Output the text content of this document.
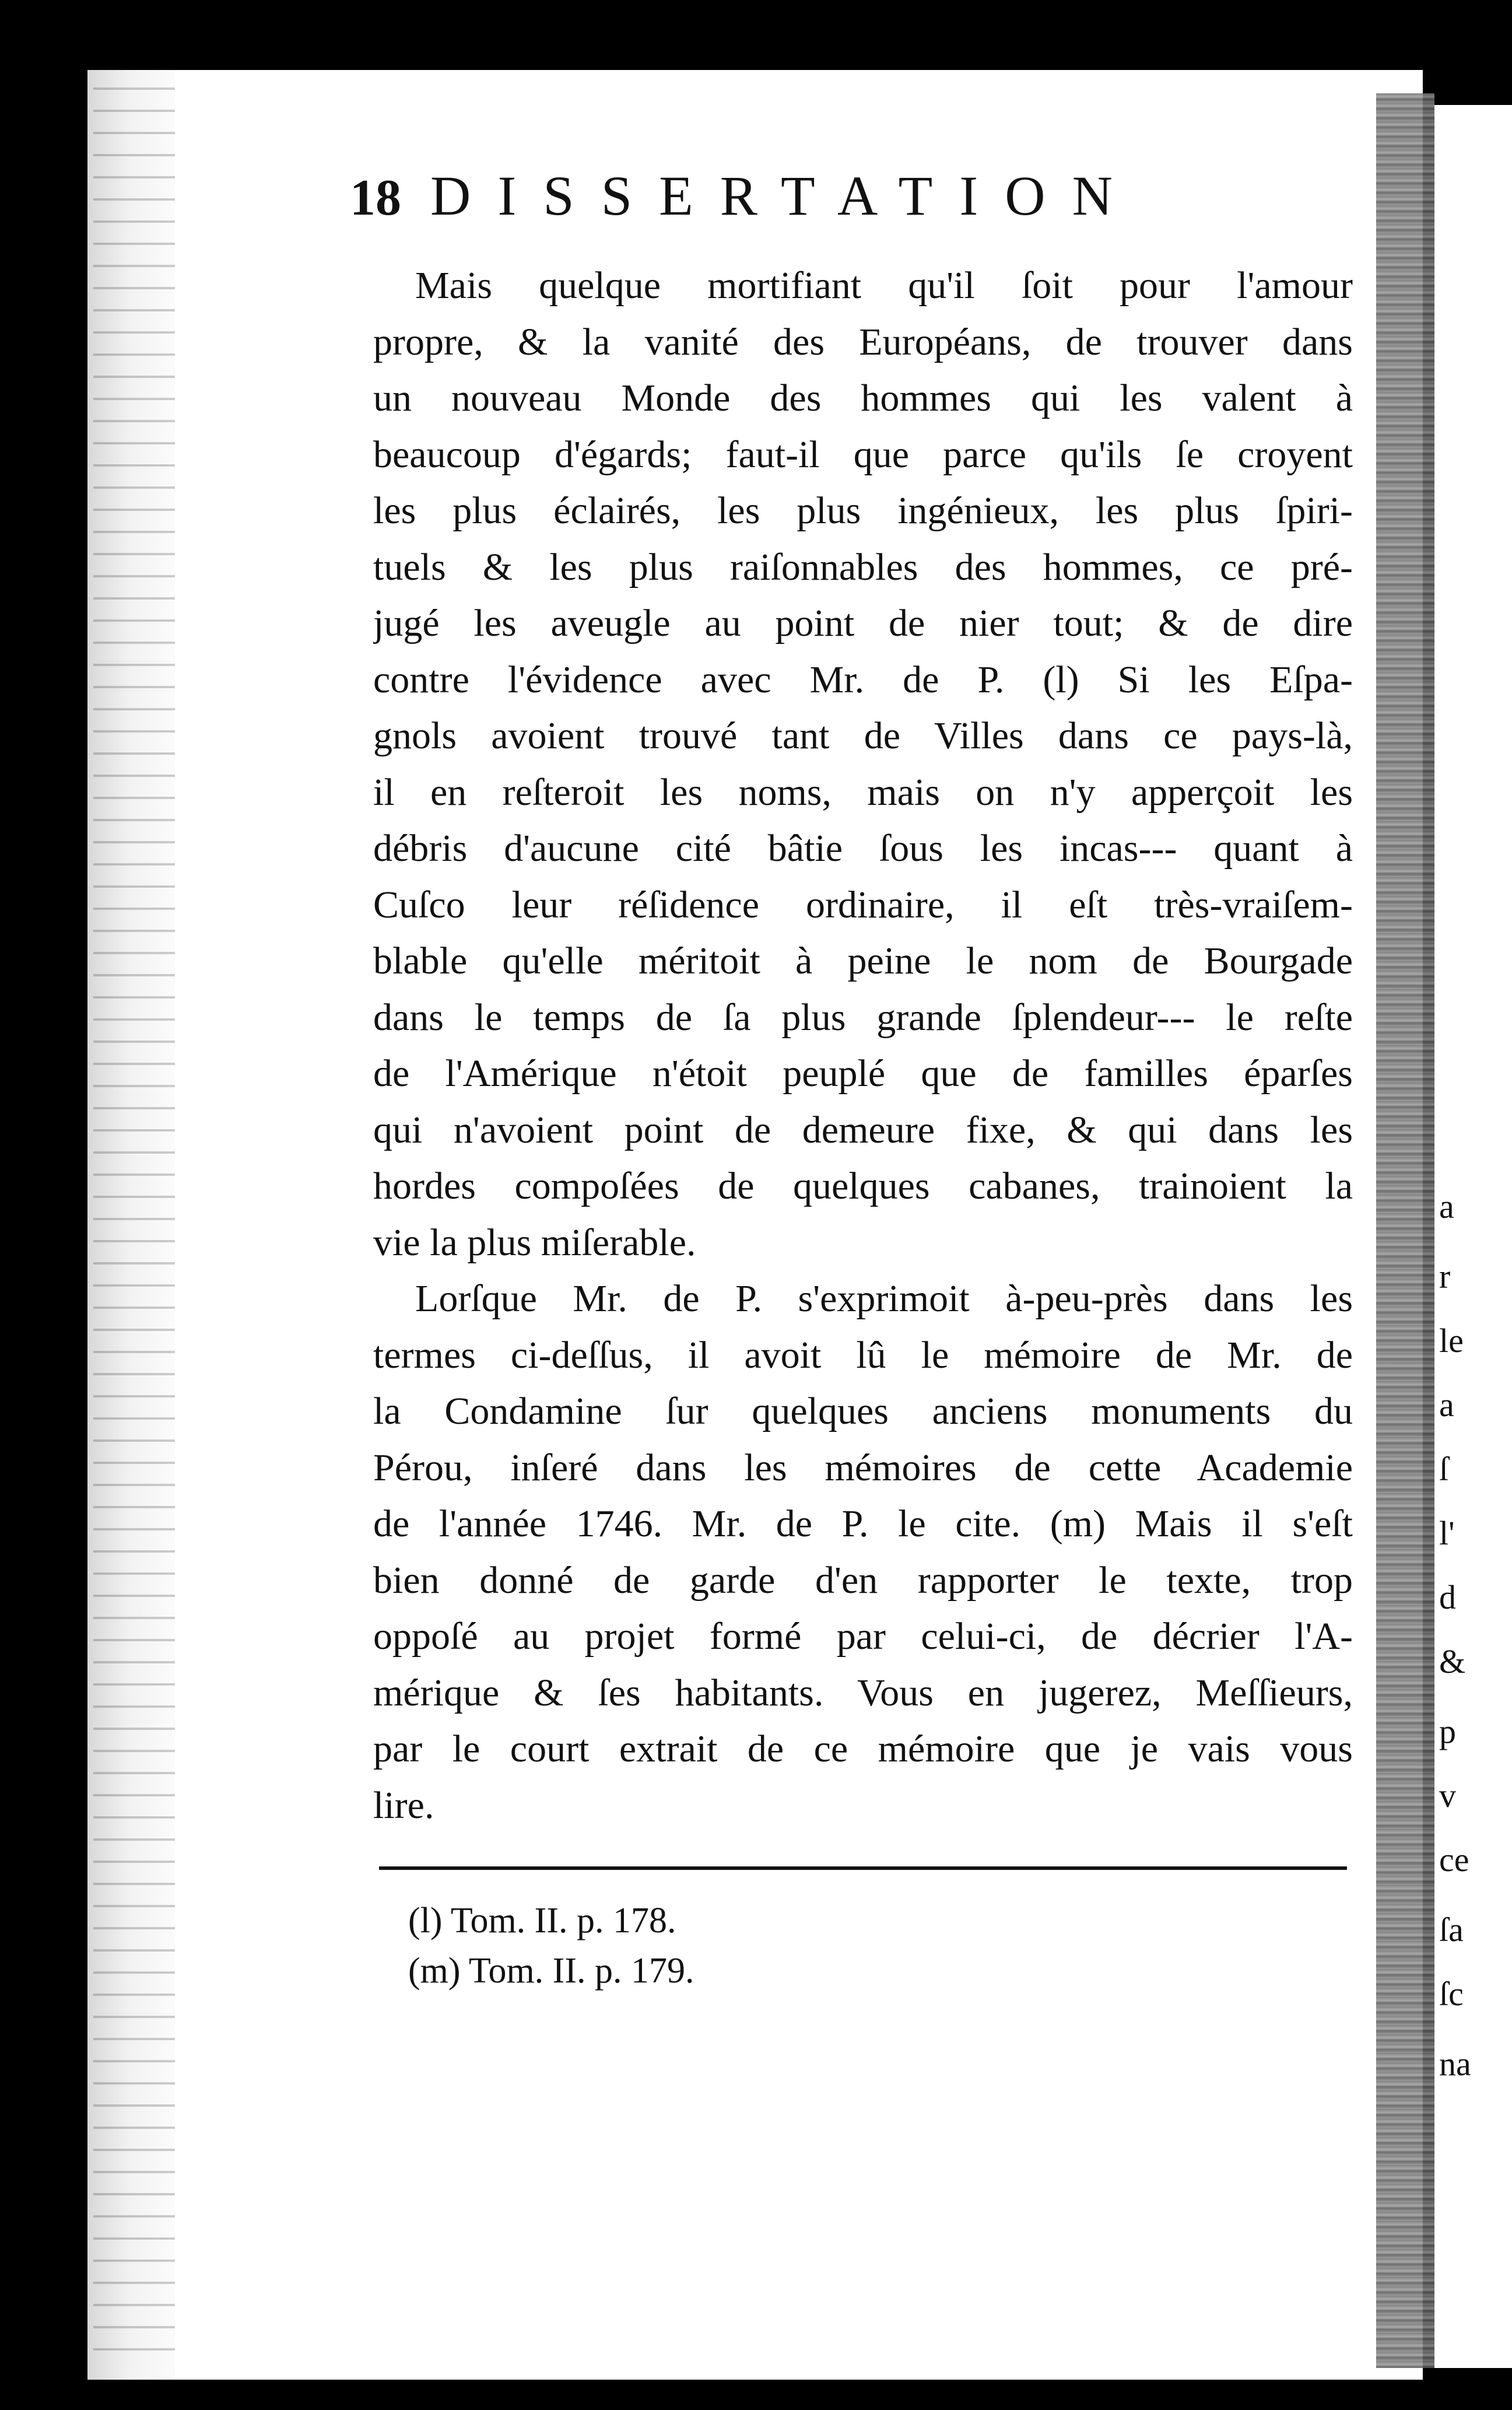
a
r
le
a
ſ
l'
d
&
p
v
ce
ſa
ſc
na
18 DISSERTATION
Mais quelque mortifiant qu'il ſoit pour l'amour
propre, & la vanité des Européans, de trouver dans
un nouveau Monde des hommes qui les valent à
beaucoup d'égards; faut-il que parce qu'ils ſe croyent
les plus éclairés, les plus ingénieux, les plus ſpiri-
tuels & les plus raiſonnables des hommes, ce pré-
jugé les aveugle au point de nier tout; & de dire
contre l'évidence avec Mr. de P. (l) Si les Eſpa-
gnols avoient trouvé tant de Villes dans ce pays-là,
il en reſteroit les noms, mais on n'y apperçoit les
débris d'aucune cité bâtie ſous les incas--- quant à
Cuſco leur réſidence ordinaire, il eſt très-vraiſem-
blable qu'elle méritoit à peine le nom de Bourgade
dans le temps de ſa plus grande ſplendeur--- le reſte
de l'Amérique n'étoit peuplé que de familles éparſes
qui n'avoient point de demeure fixe, & qui dans les
hordes compoſées de quelques cabanes, trainoient la
vie la plus miſerable.
Lorſque Mr. de P. s'exprimoit à-peu-près dans les
termes ci-deſſus, il avoit lû le mémoire de Mr. de
la Condamine ſur quelques anciens monuments du
Pérou, inſeré dans les mémoires de cette Academie
de l'année 1746. Mr. de P. le cite. (m) Mais il s'eſt
bien donné de garde d'en rapporter le texte, trop
oppoſé au projet formé par celui-ci, de décrier l'A-
mérique & ſes habitants. Vous en jugerez, Meſſieurs,
par le court extrait de ce mémoire que je vais vous
lire.
(l) Tom. II. p. 178.
(m) Tom. II. p. 179.
